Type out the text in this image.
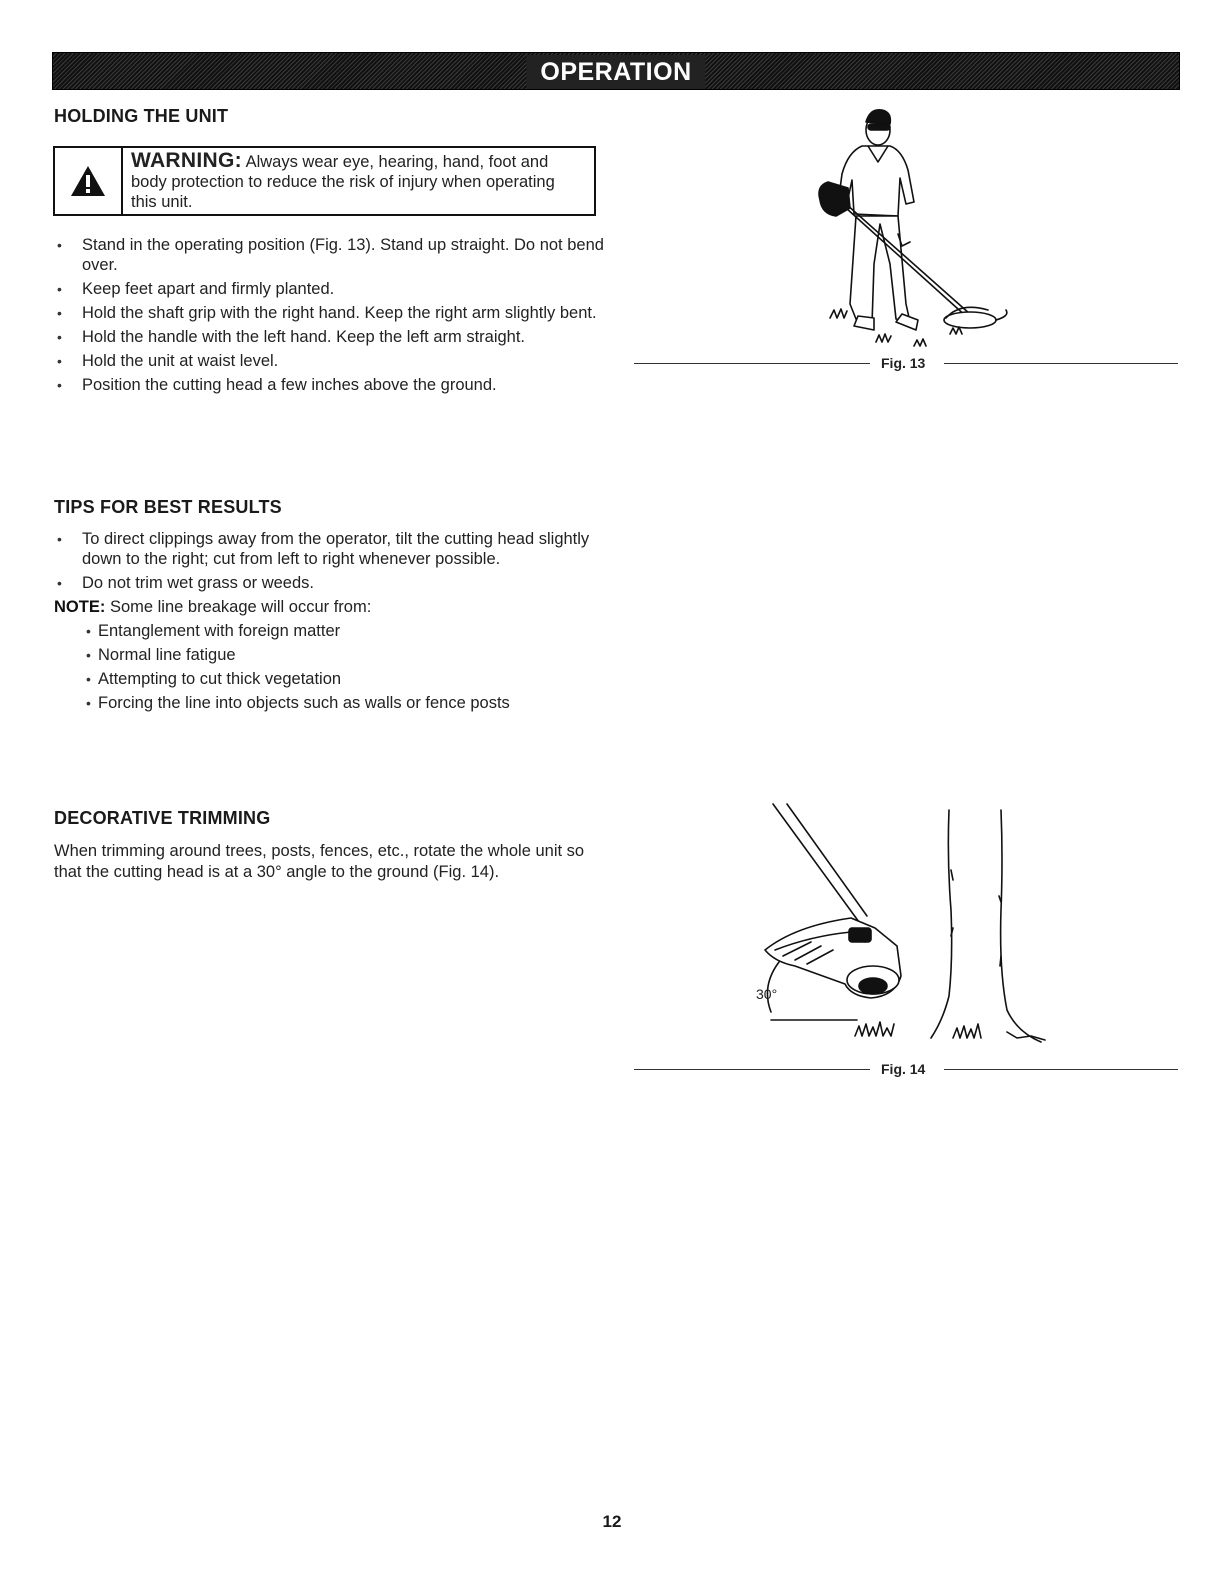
OPERATION
HOLDING THE UNIT
WARNING: Always wear eye, hearing, hand, foot and
body protection to reduce the risk of injury when operating
this unit.
• Stand in the operating position (Fig. 13). Stand up straight. Do not bend over.
• Keep feet apart and firmly planted.
• Hold the shaft grip with the right hand. Keep the right arm slightly bent.
• Hold the handle with the left hand. Keep the left arm straight.
• Hold the unit at waist level.
• Position the cutting head a few inches above the ground.
Fig. 13
TIPS FOR BEST RESULTS
• To direct clippings away from the operator, tilt the cutting head slightly down to the right; cut from left to right whenever possible.
• Do not trim wet grass or weeds.
NOTE: Some line breakage will occur from:
• Entanglement with foreign matter
• Normal line fatigue
• Attempting to cut thick vegetation
• Forcing the line into objects such as walls or fence posts
DECORATIVE TRIMMING

When trimming around trees, posts, fences, etc., rotate the whole unit so that the cutting head is at a 30° angle to the ground (Fig. 14).

30°
Fig. 14
12
